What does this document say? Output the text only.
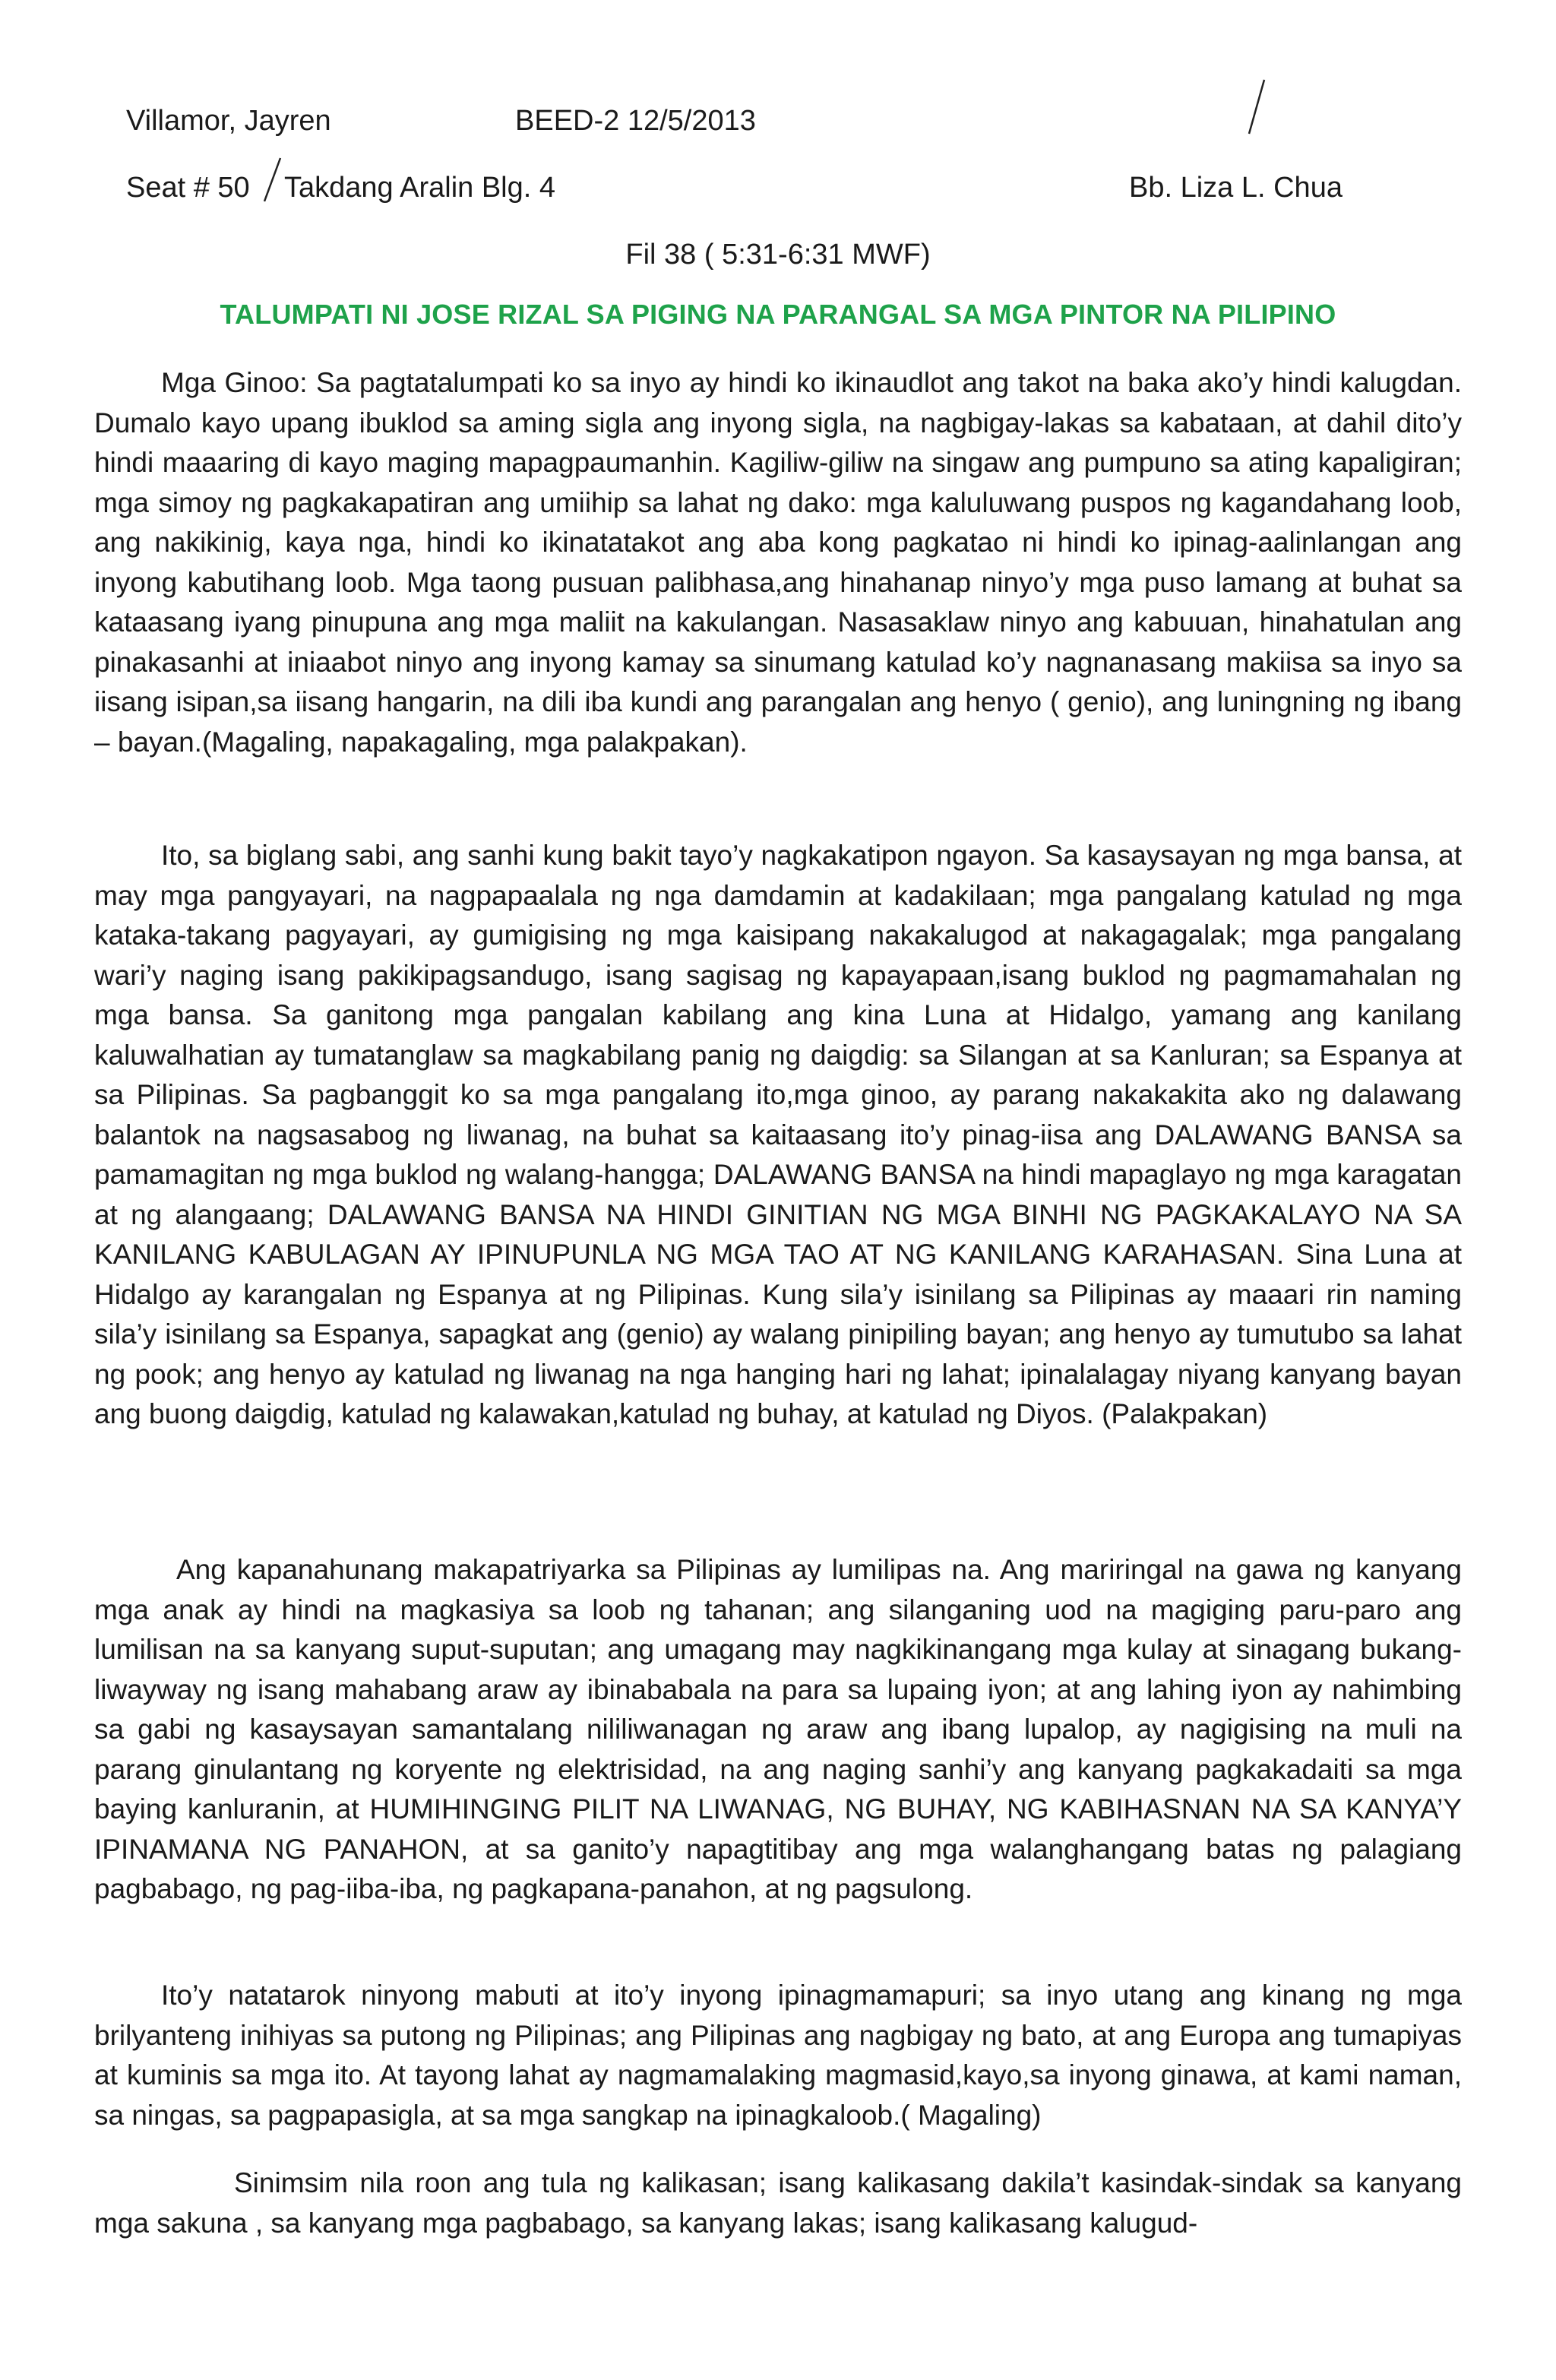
Villamor, Jayren	BEED-2 12/5/2013
Seat # 50 Takdang Aralin Blg. 4	Bb. Liza L. Chua
Fil 38 ( 5:31-6:31 MWF)
TALUMPATI NI JOSE RIZAL SA PIGING NA PARANGAL SA MGA PINTOR NA PILIPINO

Mga Ginoo: Sa pagtatalumpati ko sa inyo ay hindi ko ikinaudlot ang takot na baka ako’y hindi kalugdan. Dumalo kayo upang ibuklod sa aming sigla ang inyong sigla, na nagbigay-lakas sa kabataan, at dahil dito’y hindi maaaring di kayo maging mapagpaumanhin. Kagiliw-giliw na singaw ang pumpuno sa ating kapaligiran; mga simoy ng pagkakapatiran ang umiihip sa lahat ng dako: mga kaluluwang puspos ng kagandahang loob, ang nakikinig, kaya nga, hindi ko ikinatatakot ang aba kong pagkatao ni hindi ko ipinag-aalinlangan ang inyong kabutihang loob. Mga taong pusuan palibhasa,ang hinahanap ninyo’y mga puso lamang at buhat sa kataasang iyang pinupuna ang mga maliit na kakulangan. Nasasaklaw ninyo ang kabuuan, hinahatulan ang pinakasanhi at iniaabot ninyo ang inyong kamay sa sinumang katulad ko’y nagnanasang makiisa sa inyo sa iisang isipan,sa iisang hangarin, na dili iba kundi ang parangalan ang henyo ( genio), ang luningning ng ibang – bayan.(Magaling, napakagaling, mga palakpakan).

Ito, sa biglang sabi, ang sanhi kung bakit tayo’y nagkakatipon ngayon. Sa kasaysayan ng mga bansa, at may mga pangyayari, na nagpapaalala ng nga damdamin at kadakilaan; mga pangalang katulad ng mga kataka-takang pagyayari, ay gumigising ng mga kaisipang nakakalugod at nakagagalak; mga pangalang wari’y naging isang pakikipagsandugo, isang sagisag ng kapayapaan,isang buklod ng pagmamahalan ng mga bansa. Sa ganitong mga pangalan kabilang ang kina Luna at Hidalgo, yamang ang kanilang kaluwalhatian ay tumatanglaw sa magkabilang panig ng daigdig: sa Silangan at sa Kanluran; sa Espanya at sa Pilipinas. Sa pagbanggit ko sa mga pangalang ito,mga ginoo, ay parang nakakakita ako ng dalawang balantok na nagsasabog ng liwanag, na buhat sa kaitaasang ito’y pinag-iisa ang DALAWANG BANSA sa pamamagitan ng mga buklod ng walang-hangga; DALAWANG BANSA na hindi mapaglayo ng mga karagatan at ng alangaang; DALAWANG BANSA NA HINDI GINITIAN NG MGA BINHI NG PAGKAKALAYO NA SA KANILANG KABULAGAN AY IPINUPUNLA NG MGA TAO AT NG KANILANG KARAHASAN. Sina Luna at Hidalgo ay karangalan ng Espanya at ng Pilipinas. Kung sila’y isinilang sa Pilipinas ay maaari rin naming sila’y isinilang sa Espanya, sapagkat ang (genio) ay walang pinipiling bayan; ang henyo ay tumutubo sa lahat ng pook; ang henyo ay katulad ng liwanag na nga hanging hari ng lahat; ipinalalagay niyang kanyang bayan ang buong daigdig, katulad ng kalawakan,katulad ng buhay, at katulad ng Diyos. (Palakpakan)

Ang kapanahunang makapatriyarka sa Pilipinas ay lumilipas na. Ang mariringal na gawa ng kanyang mga anak ay hindi na magkasiya sa loob ng tahanan; ang silanganing uod na magiging paru-paro ang lumilisan na sa kanyang suput-suputan; ang umagang may nagkikinangang mga kulay at sinagang bukang-liwayway ng isang mahabang araw ay ibinababala na para sa lupaing iyon; at ang lahing iyon ay nahimbing sa gabi ng kasaysayan samantalang nililiwanagan ng araw ang ibang lupalop, ay nagigising na muli na parang ginulantang ng koryente ng elektrisidad, na ang naging sanhi’y ang kanyang pagkakadaiti sa mga baying kanluranin, at HUMIHINGING PILIT NA LIWANAG, NG BUHAY, NG KABIHASNAN NA SA KANYA’Y IPINAMANA NG PANAHON, at sa ganito’y napagtitibay ang mga walanghangang batas ng palagiang pagbabago, ng pag-iiba-iba, ng pagkapana-panahon, at ng pagsulong.

Ito’y natatarok ninyong mabuti at ito’y inyong ipinagmamapuri; sa inyo utang ang kinang ng mga brilyanteng inihiyas sa putong ng Pilipinas; ang Pilipinas ang nagbigay ng bato, at ang Europa ang tumapiyas at kuminis sa mga ito. At tayong lahat ay nagmamalaking magmasid,kayo,sa inyong ginawa, at kami naman, sa ningas, sa pagpapasigla, at sa mga sangkap na ipinagkaloob.( Magaling)

Sinimsim nila roon ang tula ng kalikasan; isang kalikasang dakila’t kasindak-sindak sa kanyang mga sakuna , sa kanyang mga pagbabago, sa kanyang lakas; isang kalikasang kalugud-
